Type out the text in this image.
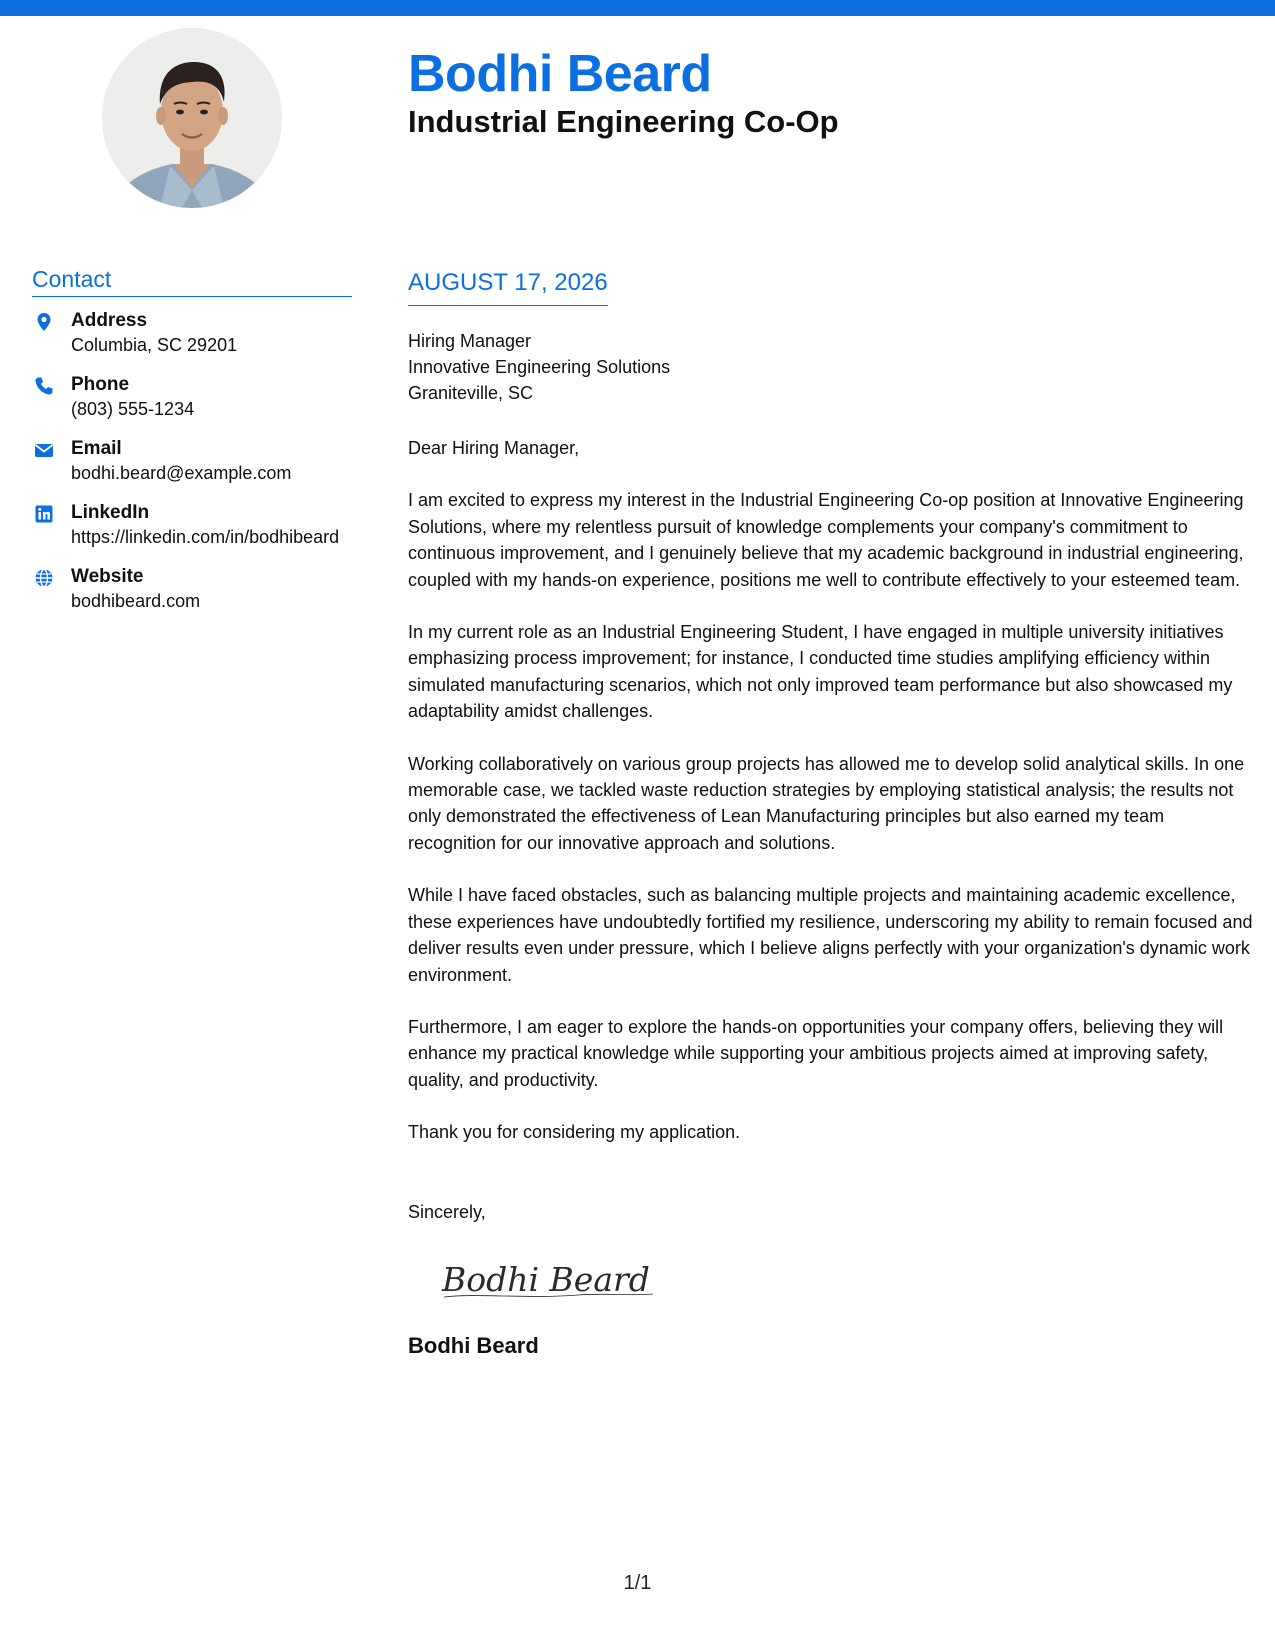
Bodhi Beard
Industrial Engineering Co-Op
Contact
Address
Columbia, SC 29201
Phone
(803) 555-1234
Email
bodhi.beard@example.com
LinkedIn
https://linkedin.com/in/bodhibeard
Website
bodhibeard.com
AUGUST 17, 2026
Hiring Manager
Innovative Engineering Solutions
Graniteville, SC
Dear Hiring Manager,

I am excited to express my interest in the Industrial Engineering Co-op position at Innovative Engineering Solutions, where my relentless pursuit of knowledge complements your company's commitment to continuous improvement, and I genuinely believe that my academic background in industrial engineering, coupled with my hands-on experience, positions me well to contribute effectively to your esteemed team.

In my current role as an Industrial Engineering Student, I have engaged in multiple university initiatives emphasizing process improvement; for instance, I conducted time studies amplifying efficiency within simulated manufacturing scenarios, which not only improved team performance but also showcased my adaptability amidst challenges.

Working collaboratively on various group projects has allowed me to develop solid analytical skills. In one memorable case, we tackled waste reduction strategies by employing statistical analysis; the results not only demonstrated the effectiveness of Lean Manufacturing principles but also earned my team recognition for our innovative approach and solutions.

While I have faced obstacles, such as balancing multiple projects and maintaining academic excellence, these experiences have undoubtedly fortified my resilience, underscoring my ability to remain focused and deliver results even under pressure, which I believe aligns perfectly with your organization's dynamic work environment.

Furthermore, I am eager to explore the hands-on opportunities your company offers, believing they will enhance my practical knowledge while supporting your ambitious projects aimed at improving safety, quality, and productivity.

Thank you for considering my application.

Sincerely,
Bodhi Beard
Bodhi Beard
1/1
